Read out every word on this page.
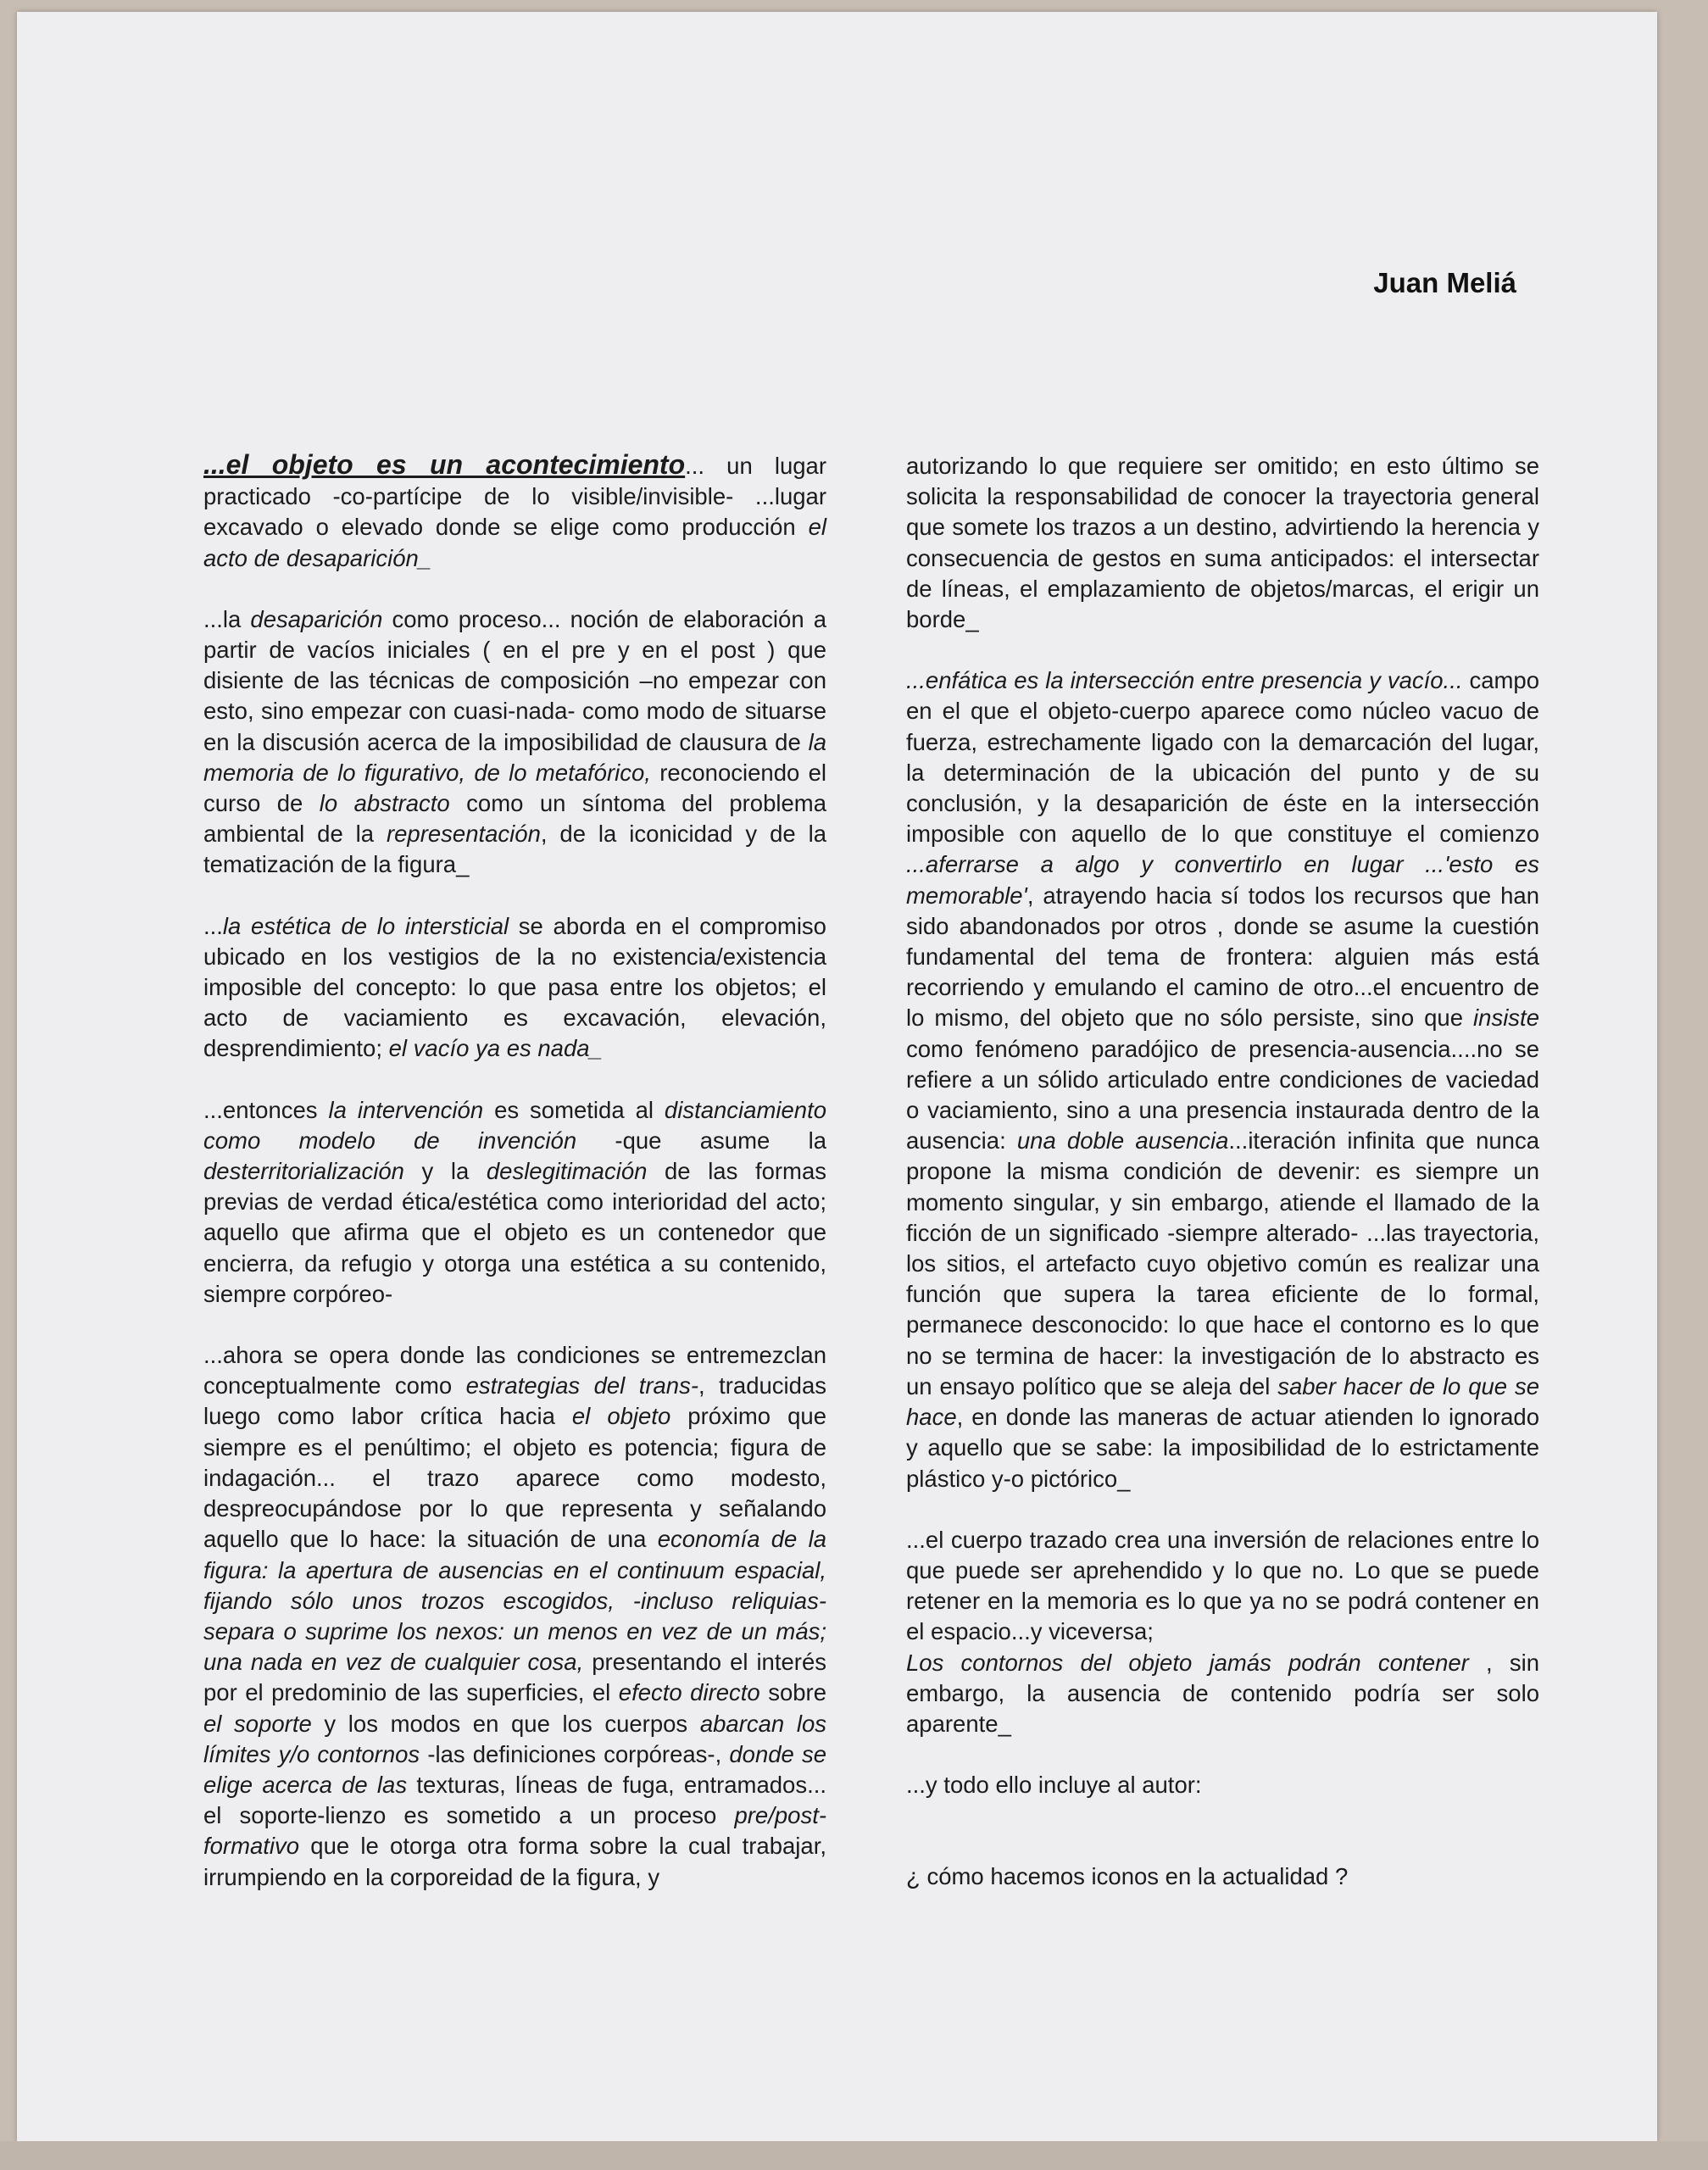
Juan Meliá

...el objeto es un acontecimiento... un lugar practicado -co-partícipe de lo visible/invisible- ...lugar excavado o elevado donde se elige como producción el acto de desaparición_

...la desaparición como proceso... noción de elaboración a partir de vacíos iniciales ( en el pre y en el post ) que disiente de las técnicas de composición –no empezar con esto, sino empezar con cuasi-nada- como modo de situarse en la discusión acerca de la imposibilidad de clausura de la memoria de lo figurativo, de lo metafórico, reconociendo el curso de lo abstracto como un síntoma del problema ambiental de la representación, de la iconicidad y de la tematización de la figura_

...la estética de lo intersticial se aborda en el compromiso ubicado en los vestigios de la no existencia/existencia imposible del concepto: lo que pasa entre los objetos; el acto de vaciamiento es excavación, elevación, desprendimiento; el vacío ya es nada_

...entonces la intervención es sometida al distanciamiento como modelo de invención -que asume la desterritorialización y la deslegitimación de las formas previas de verdad ética/estética como interioridad del acto; aquello que afirma que el objeto es un contenedor que encierra, da refugio y otorga una estética a su contenido, siempre corpóreo-

...ahora se opera donde las condiciones se entremezclan conceptualmente como estrategias del trans-, traducidas luego como labor crítica hacia el objeto próximo que siempre es el penúltimo; el objeto es potencia; figura de indagación... el trazo aparece como modesto, despreocupándose por lo que representa y señalando aquello que lo hace: la situación de una economía de la figura: la apertura de ausencias en el continuum espacial, fijando sólo unos trozos escogidos, -incluso reliquias- separa o suprime los nexos: un menos en vez de un más; una nada en vez de cualquier cosa, presentando el interés por el predominio de las superficies, el efecto directo sobre el soporte y los modos en que los cuerpos abarcan los límites y/o contornos -las definiciones corpóreas-, donde se elige acerca de las texturas, líneas de fuga, entramados... el soporte-lienzo es sometido a un proceso pre/post-formativo que le otorga otra forma sobre la cual trabajar, irrumpiendo en la corporeidad de la figura, y

autorizando lo que requiere ser omitido; en esto último se solicita la responsabilidad de conocer la trayectoria general que somete los trazos a un destino, advirtiendo la herencia y consecuencia de gestos en suma anticipados: el intersectar de líneas, el emplazamiento de objetos/marcas, el erigir un borde_

...enfática es la intersección entre presencia y vacío... campo en el que el objeto-cuerpo aparece como núcleo vacuo de fuerza, estrechamente ligado con la demarcación del lugar, la determinación de la ubicación del punto y de su conclusión, y la desaparición de éste en la intersección imposible con aquello de lo que constituye el comienzo ...aferrarse a algo y convertirlo en lugar ...'esto es memorable', atrayendo hacia sí todos los recursos que han sido abandonados por otros , donde se asume la cuestión fundamental del tema de frontera: alguien más está recorriendo y emulando el camino de otro...el encuentro de lo mismo, del objeto que no sólo persiste, sino que insiste como fenómeno paradójico de presencia-ausencia....no se refiere a un sólido articulado entre condiciones de vaciedad o vaciamiento, sino a una presencia instaurada dentro de la ausencia: una doble ausencia...iteración infinita que nunca propone la misma condición de devenir: es siempre un momento singular, y sin embargo, atiende el llamado de la ficción de un significado -siempre alterado- ...las trayectoria, los sitios, el artefacto cuyo objetivo común es realizar una función que supera la tarea eficiente de lo formal, permanece desconocido: lo que hace el contorno es lo que no se termina de hacer: la investigación de lo abstracto es un ensayo político que se aleja del saber hacer de lo que se hace, en donde las maneras de actuar atienden lo ignorado y aquello que se sabe: la imposibilidad de lo estrictamente plástico y-o pictórico_

...el cuerpo trazado crea una inversión de relaciones entre lo que puede ser aprehendido y lo que no. Lo que se puede retener en la memoria es lo que ya no se podrá contener en el espacio...y viceversa;
Los contornos del objeto jamás podrán contener , sin embargo, la ausencia de contenido podría ser solo aparente_

...y todo ello incluye al autor:

¿ cómo hacemos iconos en la actualidad ?
